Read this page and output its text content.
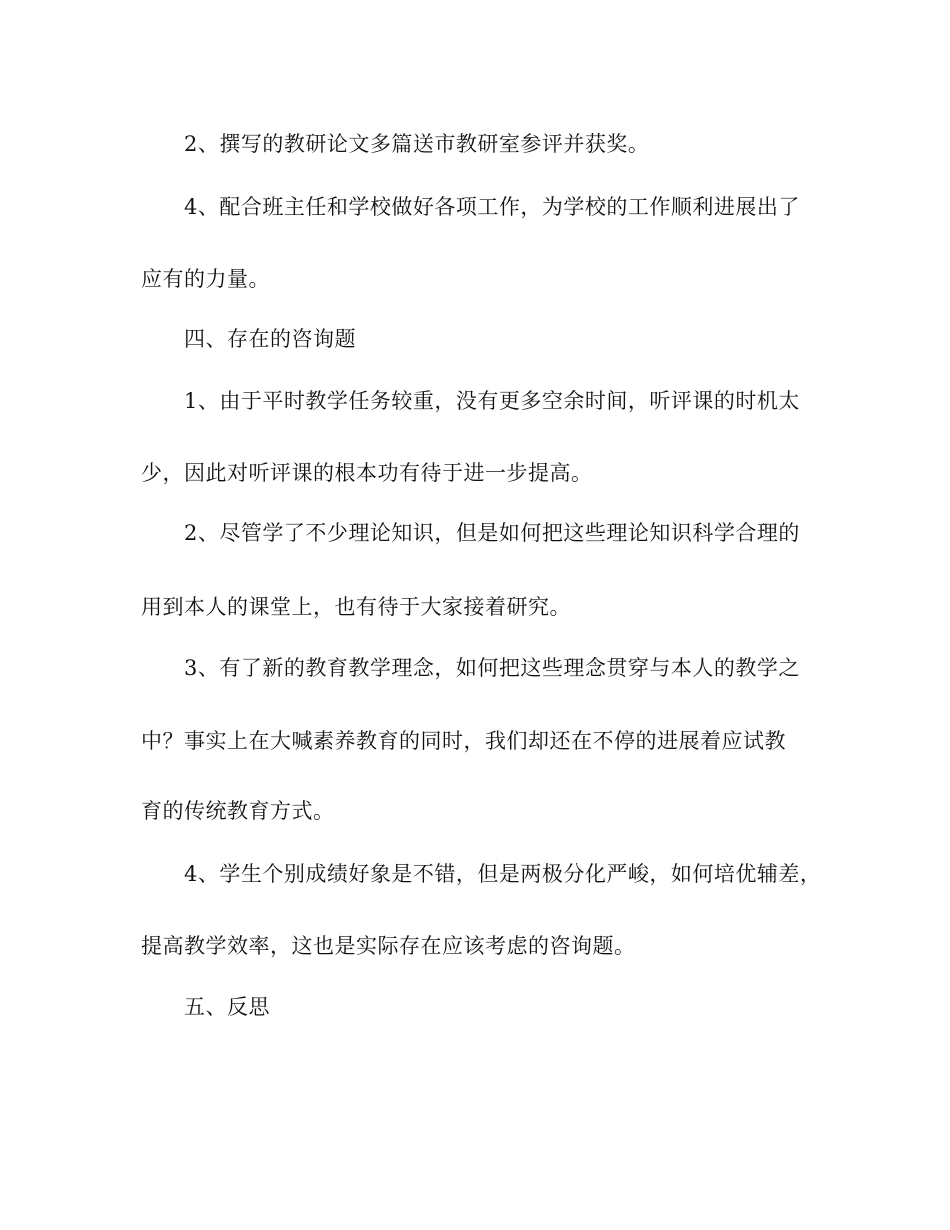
2、撰写的教研论文多篇送市教研室参评并获奖。
4、配合班主任和学校做好各项工作，为学校的工作顺利进展出了
应有的力量。
四、存在的咨询题
1、由于平时教学任务较重，没有更多空余时间，听评课的时机太
少，因此对听评课的根本功有待于进一步提高。
2、尽管学了不少理论知识，但是如何把这些理论知识科学合理的
用到本人的课堂上，也有待于大家接着研究。
3、有了新的教育教学理念，如何把这些理念贯穿与本人的教学之
中？事实上在大喊素养教育的同时，我们却还在不停的进展着应试教
育的传统教育方式。
4、学生个别成绩好象是不错，但是两极分化严峻，如何培优辅差，
提高教学效率，这也是实际存在应该考虑的咨询题。
五、反思
